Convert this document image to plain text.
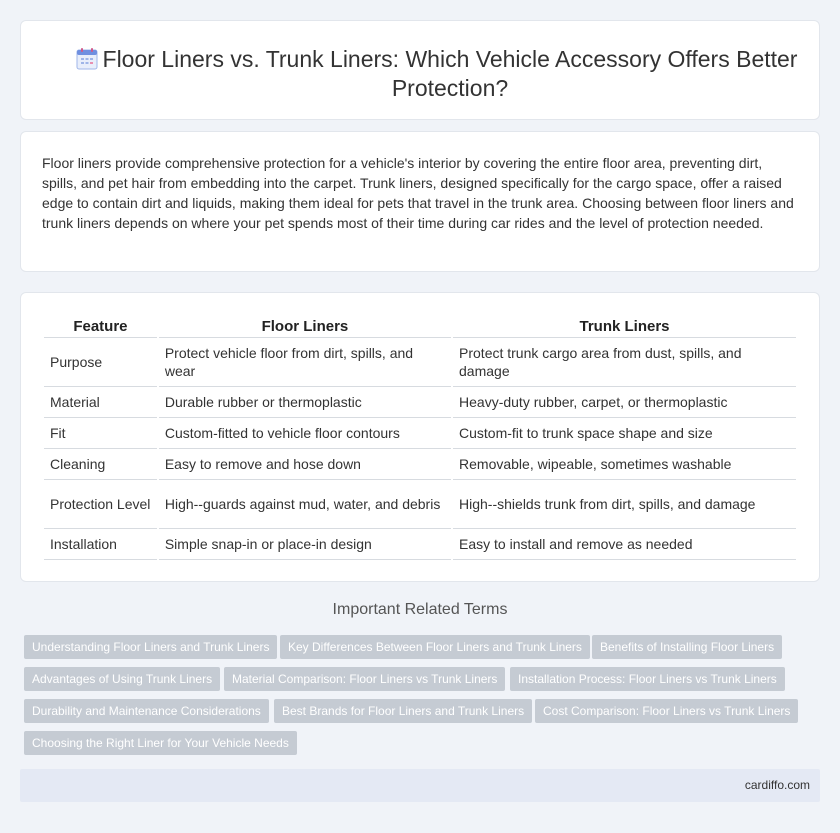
Floor Liners vs. Trunk Liners: Which Vehicle Accessory Offers Better Protection?

Floor liners provide comprehensive protection for a vehicle's interior by covering the entire floor area, preventing dirt, spills, and pet hair from embedding into the carpet. Trunk liners, designed specifically for the cargo space, offer a raised edge to contain dirt and liquids, making them ideal for pets that travel in the trunk area. Choosing between floor liners and trunk liners depends on where your pet spends most of their time during car rides and the level of protection needed.

Feature	Floor Liners	Trunk Liners
Purpose	Protect vehicle floor from dirt, spills, and wear	Protect trunk cargo area from dust, spills, and damage
Material	Durable rubber or thermoplastic	Heavy-duty rubber, carpet, or thermoplastic
Fit	Custom-fitted to vehicle floor contours	Custom-fit to trunk space shape and size
Cleaning	Easy to remove and hose down	Removable, wipeable, sometimes washable
Protection Level	High--guards against mud, water, and debris	High--shields trunk from dirt, spills, and damage
Installation	Simple snap-in or place-in design	Easy to install and remove as needed
Important Related Terms
Understanding Floor Liners and Trunk Liners	Key Differences Between Floor Liners and Trunk Liners	Benefits of Installing Floor Liners
Advantages of Using Trunk Liners	Material Comparison: Floor Liners vs Trunk Liners	Installation Process: Floor Liners vs Trunk Liners
Durability and Maintenance Considerations	Best Brands for Floor Liners and Trunk Liners	Cost Comparison: Floor Liners vs Trunk Liners
Choosing the Right Liner for Your Vehicle Needs
cardiffo.com
